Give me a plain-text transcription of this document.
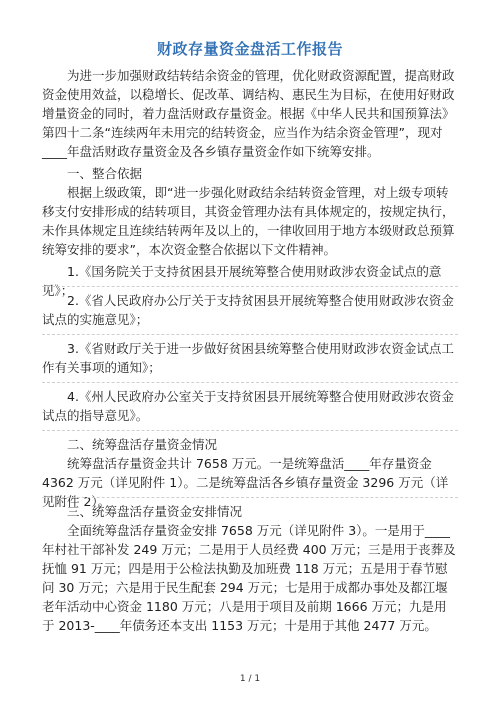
财政存量资金盘活工作报告
为进一步加强财政结转结余资金的管理，优化财政资源配置，提高财政资金使用效益，以稳增长、促改革、调结构、惠民生为目标，在使用好财政增量资金的同时，着力盘活财政存量资金。根据《中华人民共和国预算法》第四十二条“连续两年未用完的结转资金，应当作为结余资金管理”，现对____年盘活财政存量资金及各乡镇存量资金作如下统筹安排。
一、整合依据
根据上级政策，即“进一步强化财政结余结转资金管理，对上级专项转移支付安排形成的结转项目，其资金管理办法有具体规定的，按规定执行，未作具体规定且连续结转两年及以上的，一律收回用于地方本级财政总预算统筹安排的要求”，本次资金整合依据以下文件精神。
1.《国务院关于支持贫困县开展统筹整合使用财政涉农资金试点的意见》；
2.《省人民政府办公厅关于支持贫困县开展统筹整合使用财政涉农资金试点的实施意见》；
3.《省财政厅关于进一步做好贫困县统筹整合使用财政涉农资金试点工作有关事项的通知》；
4.《州人民政府办公室关于支持贫困县开展统筹整合使用财政涉农资金试点的指导意见》。
二、统筹盘活存量资金情况
统筹盘活存量资金共计 7658 万元。一是统筹盘活____年存量资金 4362 万元（详见附件 1）。二是统筹盘活各乡镇存量资金 3296 万元（详见附件 2）。
三、统筹盘活存量资金安排情况
全面统筹盘活存量资金安排 7658 万元（详见附件 3）。一是用于____年村社干部补发 249 万元；二是用于人员经费 400 万元；三是用于丧葬及抚恤 91 万元；四是用于公检法执勤及加班费 118 万元；五是用于春节慰问 30 万元；六是用于民生配套 294 万元；七是用于成都办事处及都江堰老年活动中心资金 1180 万元；八是用于项目及前期 1666 万元；九是用于 2013-____年债务还本支出 1153 万元；十是用于其他 2477 万元。
1 / 1
